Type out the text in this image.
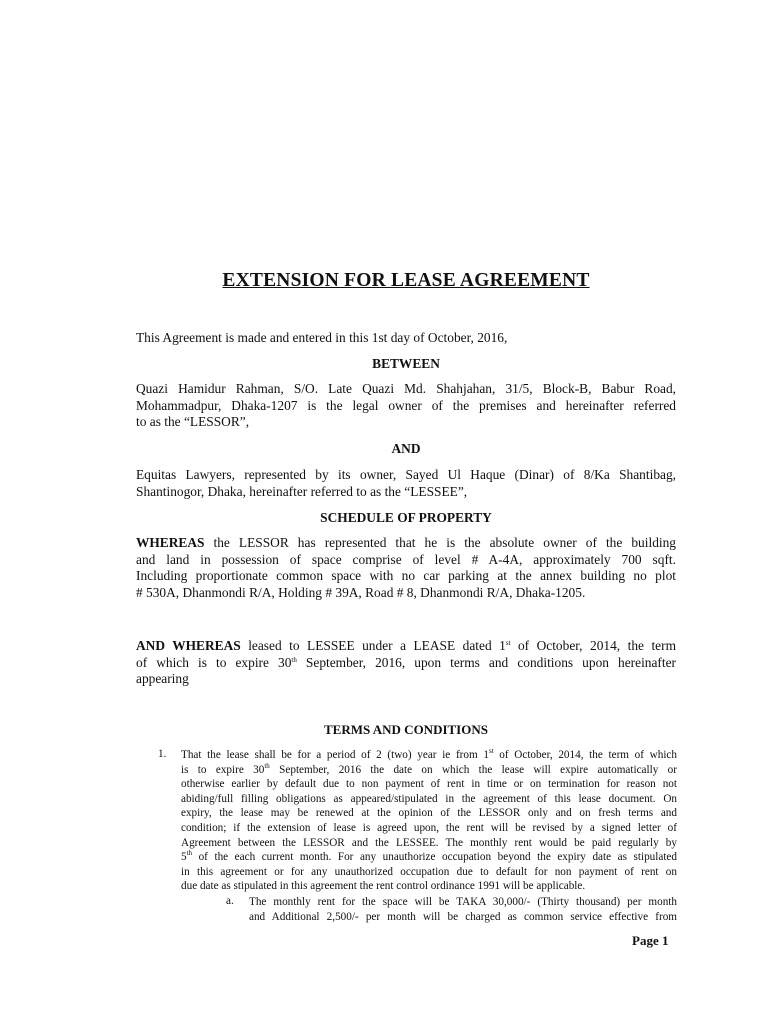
EXTENSION FOR LEASE AGREEMENT
This Agreement is made and entered in this 1st day of October, 2016,
BETWEEN
Quazi Hamidur Rahman, S/O. Late Quazi Md. Shahjahan, 31/5, Block-B, Babur Road,
Mohammadpur, Dhaka-1207 is the legal owner of the premises and hereinafter referred
to as the “LESSOR”,
AND
Equitas Lawyers, represented by its owner, Sayed Ul Haque (Dinar) of 8/Ka Shantibag,
Shantinogor, Dhaka, hereinafter referred to as the “LESSEE”,
SCHEDULE OF PROPERTY
WHEREAS the LESSOR has represented that he is the absolute owner of the building
and land in possession of space comprise of level # A-4A, approximately 700 sqft.
Including proportionate common space with no car parking at the annex building no plot
# 530A, Dhanmondi R/A, Holding # 39A, Road # 8, Dhanmondi R/A, Dhaka-1205.
AND WHEREAS leased to LESSEE under a LEASE dated 1st of October, 2014, the term
of which is to expire 30th September, 2016, upon terms and conditions upon hereinafter
appearing
TERMS AND CONDITIONS
1. That the lease shall be for a period of 2 (two) year ie from 1st of October, 2014, the term of which
is to expire 30th September, 2016 the date on which the lease will expire automatically or
otherwise earlier by default due to non payment of rent in time or on termination for reason not
abiding/full filling obligations as appeared/stipulated in the agreement of this lease document. On
expiry, the lease may be renewed at the opinion of the LESSOR only and on fresh terms and
condition; if the extension of lease is agreed upon, the rent will be revised by a signed letter of
Agreement between the LESSOR and the LESSEE. The monthly rent would be paid regularly by
5th of the each current month. For any unauthorize occupation beyond the expiry date as stipulated
in this agreement or for any unauthorized occupation due to default for non payment of rent on
due date as stipulated in this agreement the rent control ordinance 1991 will be applicable.
a. The monthly rent for the space will be TAKA 30,000/- (Thirty thousand) per month
and Additional 2,500/- per month will be charged as common service effective from
Page 1
